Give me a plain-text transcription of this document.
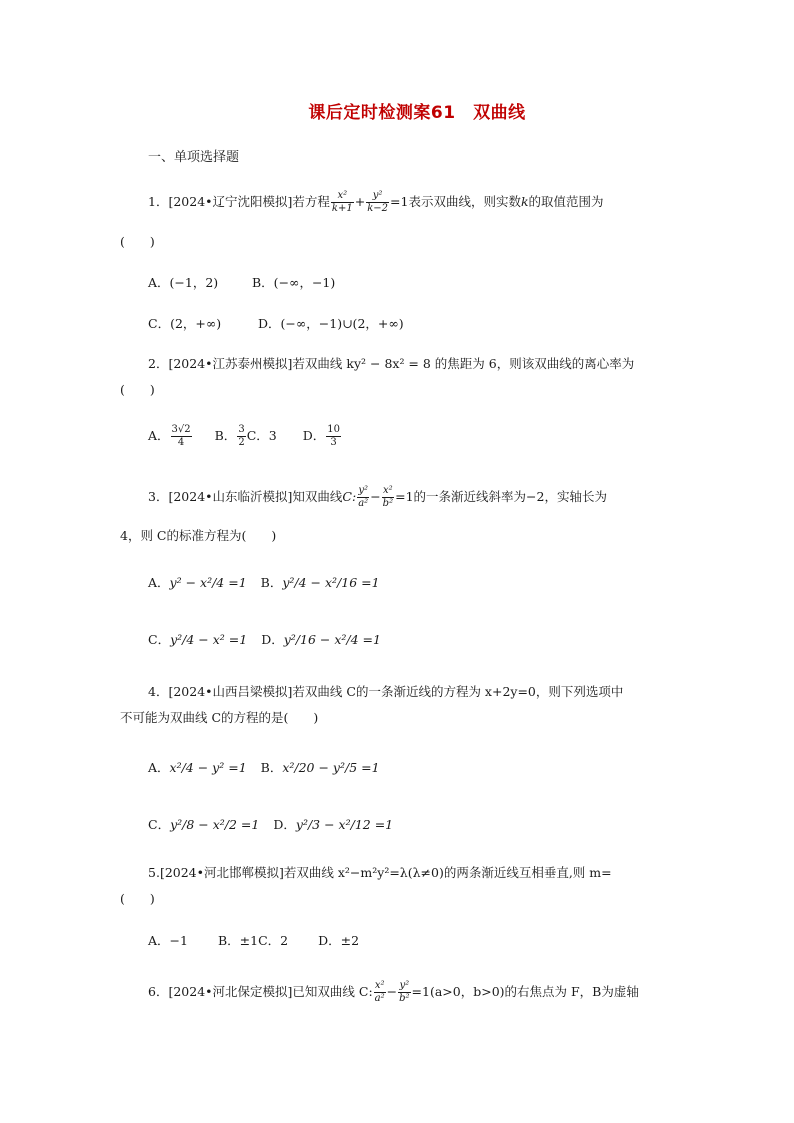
课后定时检测案61　双曲线
一、单项选择题
1．[2024•辽宁沈阳模拟]若方程 $\frac{\text{x²}}{k+1} + \frac{\text{y²}}{k-2} =1$表示双曲线，则实数k的取值范围为
(　　)
A．(−1，2)	B．(−∞，−1)
C．(2，+∞)	D．(−∞，−1)∪(2，+∞)
2．[2024•江苏泰州模拟]若双曲线 ky² − 8x² = 8 的焦距为 6，则该双曲线的离心率为
(　　)
A． $\frac{3√2}{4}$ B． $\frac{3}{2}$ C．3 D． $\frac{10}{3}$
3．[2024•山东临沂模拟]知双曲线C: $\frac{\text{y²}}{\text{a²}} - \frac{\text{x²}}{\text{b²}} =1$的一条渐近线斜率为−2，实轴长为
4，则 C的标准方程为(　　)
A．y² − x²/4 =1 B．y²/4 − x²/16 =1
C．y²/4 − x² =1 D．y²/16 − x²/4 =1
4．[2024•山西吕梁模拟]若双曲线 C的一条渐近线的方程为 x+2y=0，则下列选项中
不可能为双曲线 C的方程的是(　　)
A．x²/4 − y² =1 B．x²/20 − y²/5 =1
C．y²/8 − x²/2 =1 D．y²/3 − x²/12 =1
5.[2024•河北邯郸模拟]若双曲线 x²−m²y²=λ(λ≠0)的两条渐近线互相垂直,则 m=
(　　)
A．−1 B．±1C．2 D．±2
6．[2024•河北保定模拟]已知双曲线 C: $\frac{\text{x²}}{\text{a²}} - \frac{\text{y²}}{\text{b²}} =1(a>0$，b>0)的右焦点为 F，B为虚轴
